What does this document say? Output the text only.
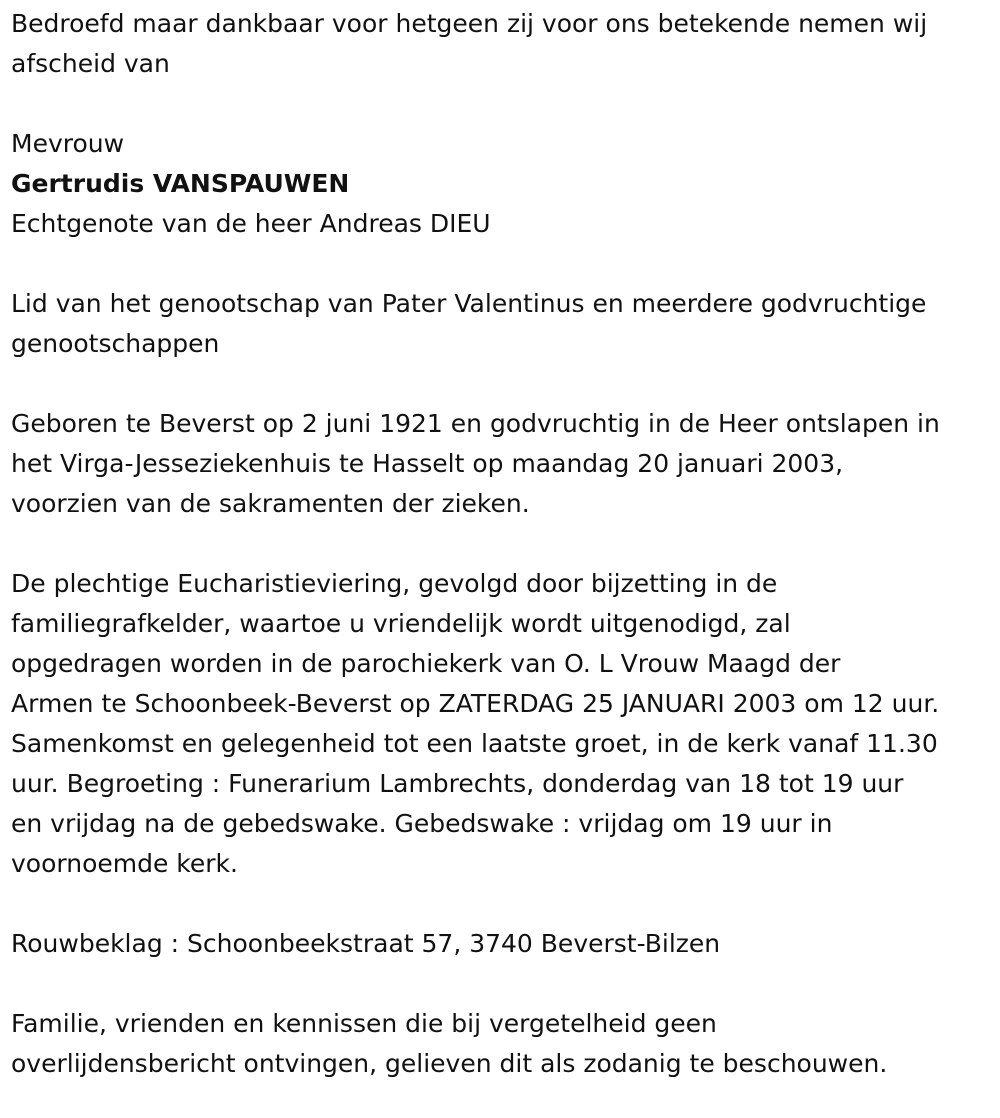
Bedroefd maar dankbaar voor hetgeen zij voor ons betekende nemen wij
afscheid van
Mevrouw
Gertrudis VANSPAUWEN
Echtgenote van de heer Andreas DIEU
Lid van het genootschap van Pater Valentinus en meerdere godvruchtige
genootschappen
Geboren te Beverst op 2 juni 1921 en godvruchtig in de Heer ontslapen in
het Virga-Jesseziekenhuis te Hasselt op maandag 20 januari 2003,
voorzien van de sakramenten der zieken.
De plechtige Eucharistieviering, gevolgd door bijzetting in de
familiegrafkelder, waartoe u vriendelijk wordt uitgenodigd, zal
opgedragen worden in de parochiekerk van O. L Vrouw Maagd der
Armen te Schoonbeek-Beverst op ZATERDAG 25 JANUARI 2003 om 12 uur.
Samenkomst en gelegenheid tot een laatste groet, in de kerk vanaf 11.30
uur. Begroeting : Funerarium Lambrechts, donderdag van 18 tot 19 uur
en vrijdag na de gebedswake. Gebedswake : vrijdag om 19 uur in
voornoemde kerk.
Rouwbeklag : Schoonbeekstraat 57, 3740 Beverst-Bilzen
Familie, vrienden en kennissen die bij vergetelheid geen
overlijdensbericht ontvingen, gelieven dit als zodanig te beschouwen.
